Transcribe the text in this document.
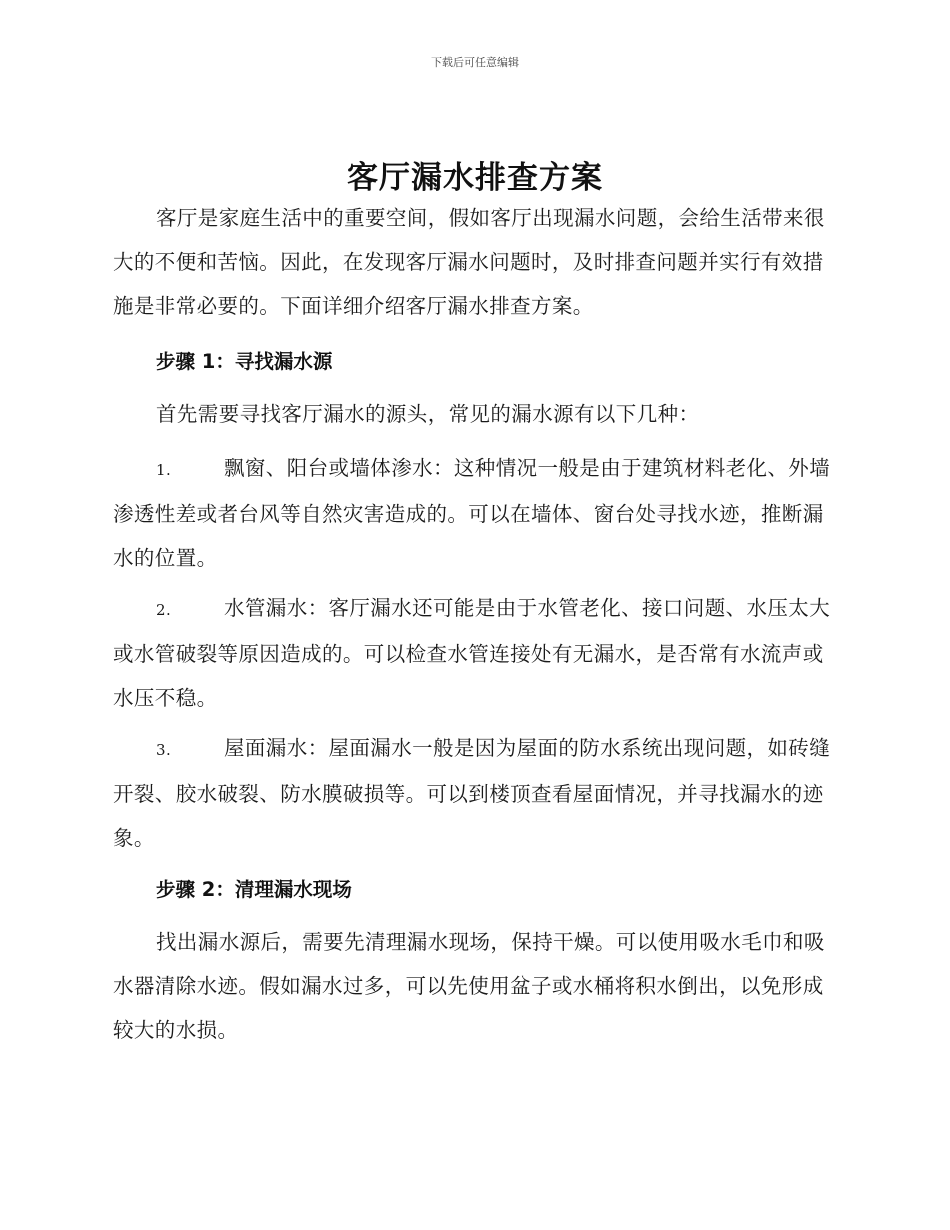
下载后可任意编辑
客厅漏水排查方案

客厅是家庭生活中的重要空间，假如客厅出现漏水问题，会给生活带来很大的不便和苦恼。因此，在发现客厅漏水问题时，及时排查问题并实行有效措施是非常必要的。下面详细介绍客厅漏水排查方案。

步骤 1：寻找漏水源

首先需要寻找客厅漏水的源头，常见的漏水源有以下几种：

1.	飘窗、阳台或墙体渗水：这种情况一般是由于建筑材料老化、外墙渗透性差或者台风等自然灾害造成的。可以在墙体、窗台处寻找水迹，推断漏水的位置。

2.	水管漏水：客厅漏水还可能是由于水管老化、接口问题、水压太大或水管破裂等原因造成的。可以检查水管连接处有无漏水，是否常有水流声或水压不稳。

3.	屋面漏水：屋面漏水一般是因为屋面的防水系统出现问题，如砖缝开裂、胶水破裂、防水膜破损等。可以到楼顶查看屋面情况，并寻找漏水的迹象。

步骤 2：清理漏水现场

找出漏水源后，需要先清理漏水现场，保持干燥。可以使用吸水毛巾和吸水器清除水迹。假如漏水过多，可以先使用盆子或水桶将积水倒出，以免形成较大的水损。
